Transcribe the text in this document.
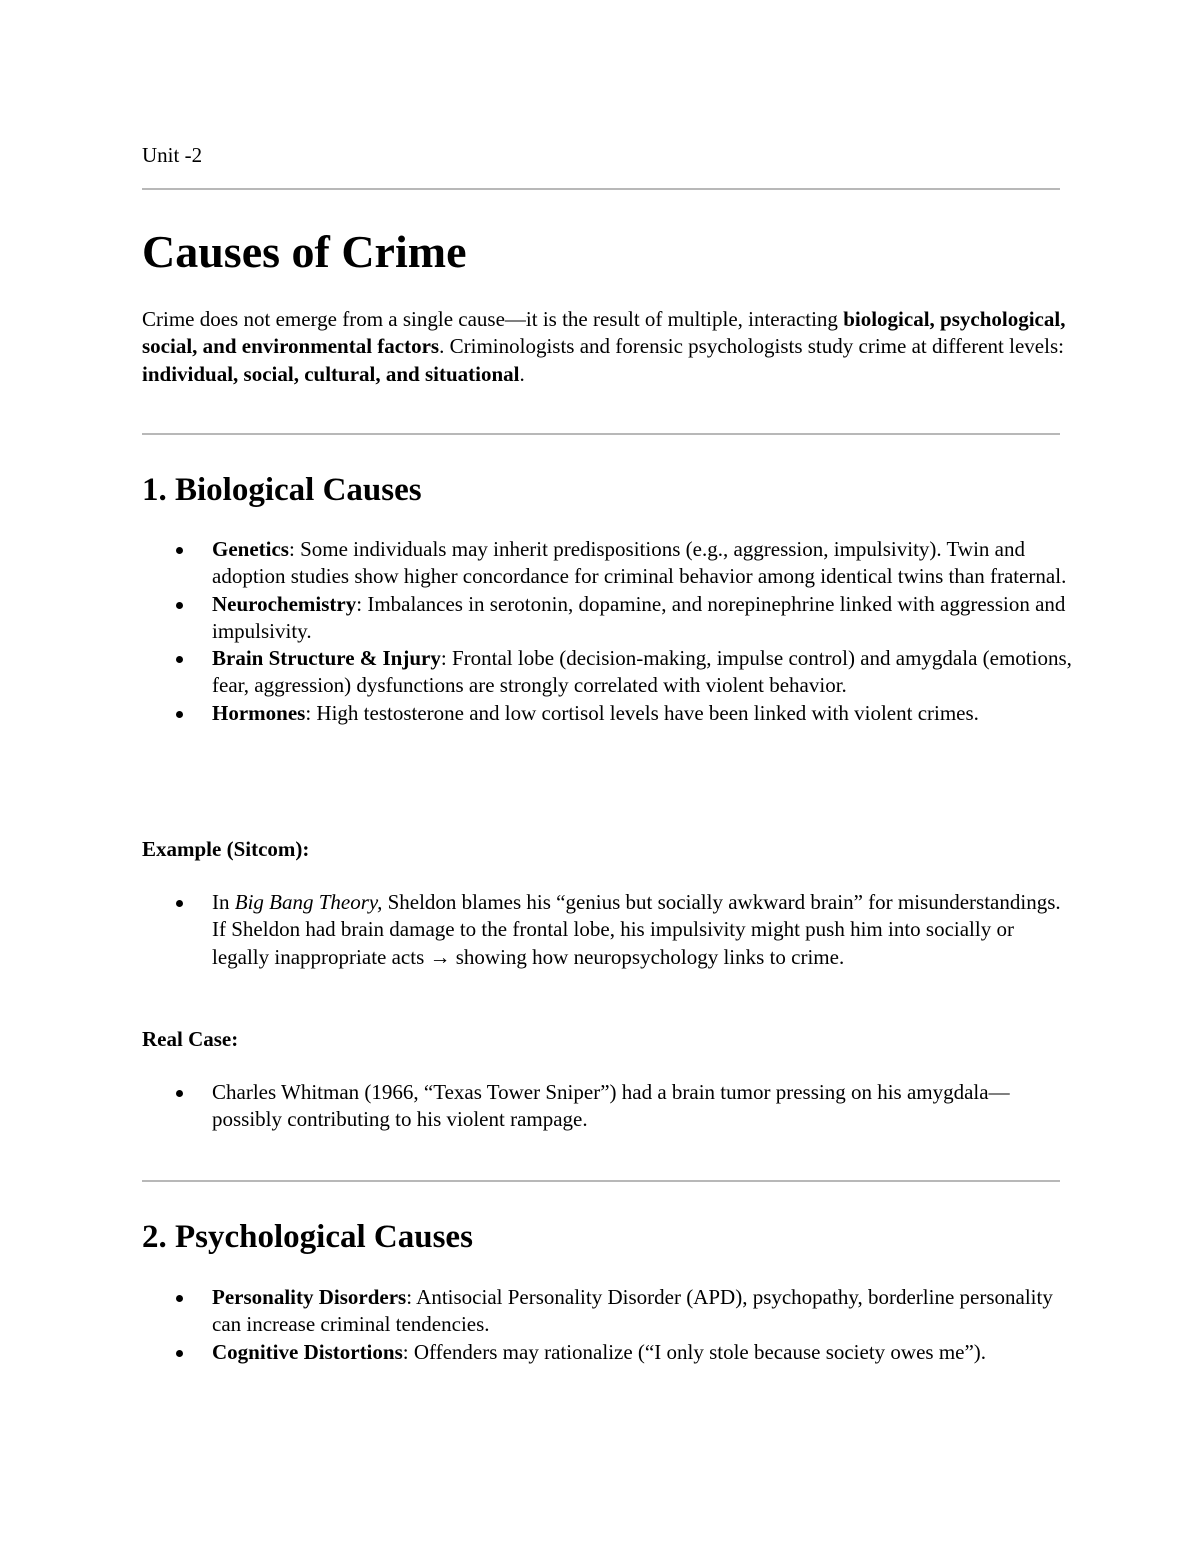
Unit -2
Causes of Crime

Crime does not emerge from a single cause—it is the result of multiple, interacting biological, psychological, social, and environmental factors. Criminologists and forensic psychologists study crime at different levels: individual, social, cultural, and situational.

1. Biological Causes
Genetics: Some individuals may inherit predispositions (e.g., aggression, impulsivity). Twin and adoption studies show higher concordance for criminal behavior among identical twins than fraternal.
Neurochemistry: Imbalances in serotonin, dopamine, and norepinephrine linked with aggression and impulsivity.
Brain Structure & Injury: Frontal lobe (decision-making, impulse control) and amygdala (emotions, fear, aggression) dysfunctions are strongly correlated with violent behavior.
Hormones: High testosterone and low cortisol levels have been linked with violent crimes.

Example (Sitcom):

In Big Bang Theory, Sheldon blames his “genius but socially awkward brain” for misunderstandings. If Sheldon had brain damage to the frontal lobe, his impulsivity might push him into socially or legally inappropriate acts → showing how neuropsychology links to crime.

Real Case:

Charles Whitman (1966, “Texas Tower Sniper”) had a brain tumor pressing on his amygdala—possibly contributing to his violent rampage.
2. Psychological Causes
Personality Disorders: Antisocial Personality Disorder (APD), psychopathy, borderline personality can increase criminal tendencies.
Cognitive Distortions: Offenders may rationalize (“I only stole because society owes me”).
